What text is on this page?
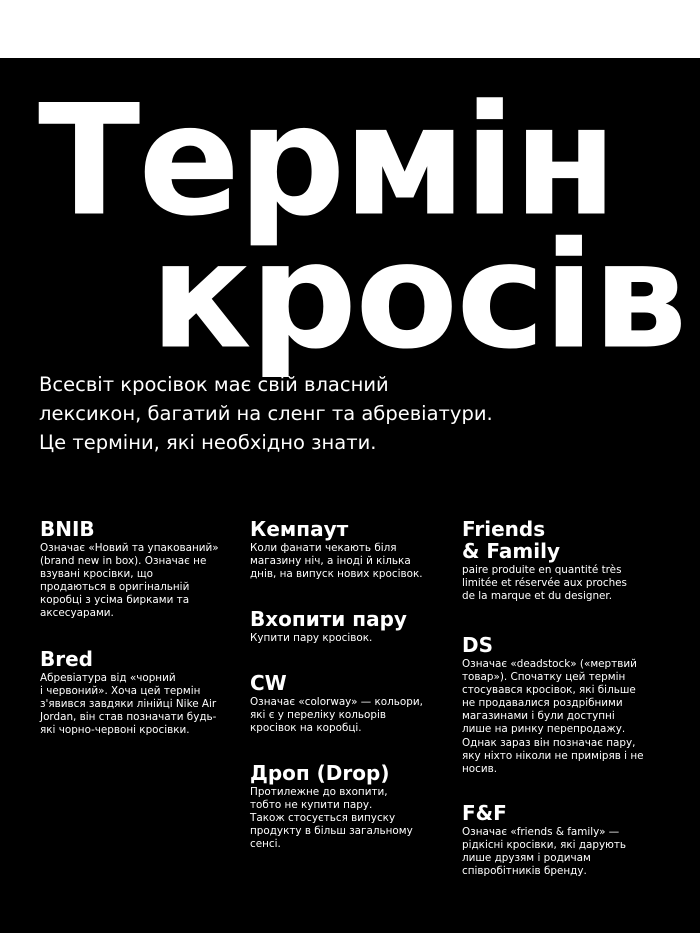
Термін
кросів
Всесвіт кросівок має свій власний
лексикон, багатий на сленг та абревіатури.
Це терміни, які необхідно знати.
BNIB
Означає «Новий та упакований»
(brand new in box). Означає не
взувані кросівки, що
продаються в оригінальній
коробці з усіма бирками та
аксесуарами.
Bred
Абревіатура від «чорний
і червоний». Хоча цей термін
з'явився завдяки лінійці Nike Air
Jordan, він став позначати будь-
які чорно-червоні кросівки.
Кемпаут
Коли фанати чекають біля
магазину ніч, а іноді й кілька
днів, на випуск нових кросівок.
Вхопити пару
Купити пару кросівок.
CW
Означає «colorway» — кольори,
які є у переліку кольорів
кросівок на коробці.
Дроп (Drop)
Протилежне до вхопити,
тобто не купити пару.
Також стосується випуску
продукту в більш загальному
сенсі.
Friends
& Family
paire produite en quantité très
limitée et réservée aux proches
de la marque et du designer.
DS
Означає «deadstock» («мертвий
товар»). Спочатку цей термін
стосувався кросівок, які більше
не продавалися роздрібними
магазинами і були доступні
лише на ринку перепродажу.
Однак зараз він позначає пару,
яку ніхто ніколи не приміряв і не
носив.
F&F
Означає «friends & family» —
рідкісні кросівки, які дарують
лише друзям і родичам
співробітників бренду.
